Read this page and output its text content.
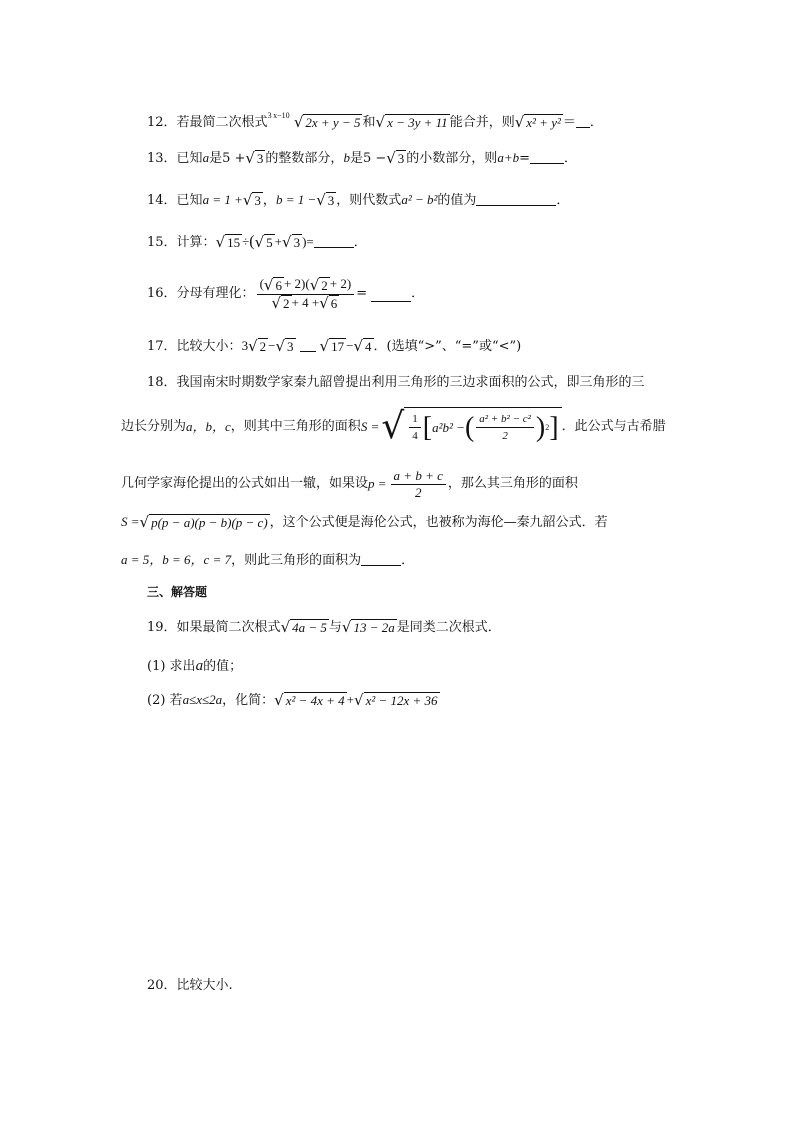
12．若最简二次根式$^{3 x-10}$ √ 2x + y − 5 和 √ x − 3y + 11 能合并，则 √ x² + y² ＝ ．
13．已知a是5 + √ 3 的整数部分，b是5 − √ 3 的小数部分，则a+b=	．
14．已知a = 1 + √ 3 ，b = 1 − √ 3 ，则代数式a² − b²的值为	．
15．计算： √ 15 ÷( √ 5 + √ 3 )=	．
16． 分母有理化： $\frac{( √ 6 + 2)( √ 2 + 2)}{√ 2 + 4 + √ 6}$ =	．
17．比较大小：3 √ 2 − √ 3 √ 17 − √ 4 ．(选填“>”、“=”或“<”)
18．我国南宋时期数学家秦九韶曾提出利用三角形的三边求面积的公式，即三角形的三
边长分别为 a，b，c ，则其中三角形的面积 S = √ $\frac{1}{4}$ [ a²b² − ( $\frac{\text{a² + b² − c²}}{2}$ ) 2 ] ．此公式与古希腊
几何学家海伦提出的公式如出一辙，如果设 $p = \frac{a + b + c}{2}$ ，那么其三角形的面积
S = √ p(p − a)(p − b)(p − c) ，这个公式便是海伦公式，也被称为海伦—秦九韶公式．若
a = 5，b = 6，c = 7，则此三角形的面积为	．
三、解答题
19．如果最简二次根式 √ 4a − 5 与 √ 13 − 2a 是同类二次根式．
(1) 求出a的值；
(2) 若a≤x≤2a，化简： √ x² − 4x + 4 + √ x² − 12x + 36
20．比较大小.
